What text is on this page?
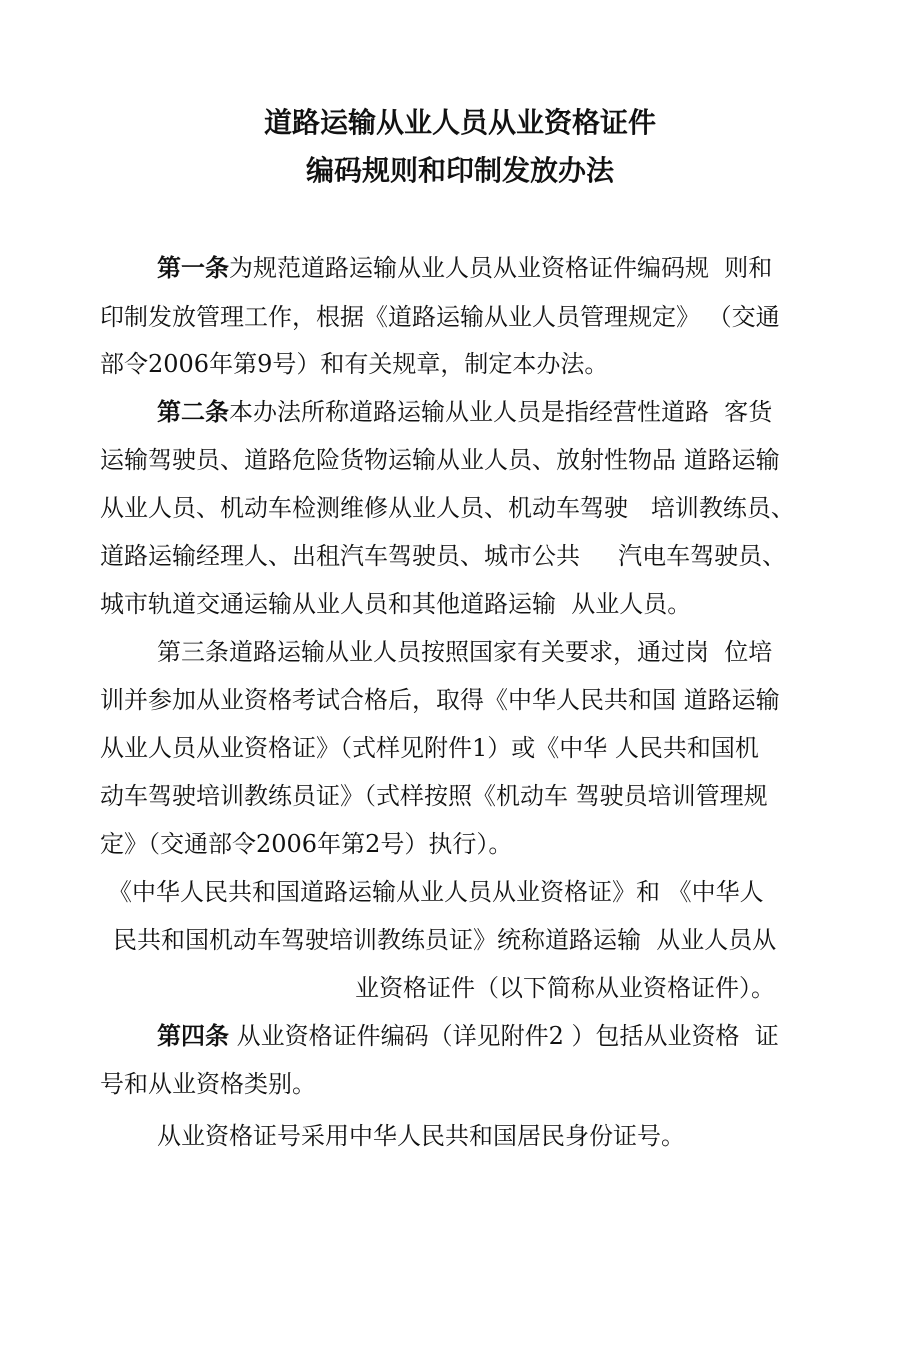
道路运输从业人员从业资格证件
编码规则和印制发放办法
第一条为规范道路运输从业人员从业资格证件编码规  则和
印制发放管理工作，根据《道路运输从业人员管理规定》 （交通
部令2006年第9号）和有关规章，制定本办法。
第二条本办法所称道路运输从业人员是指经营性道路  客货
运输驾驶员、道路危险货物运输从业人员、放射性物品 道路运输
从业人员、机动车检测维修从业人员、机动车驾驶   培训教练员、
道路运输经理人、出租汽车驾驶员、城市公共     汽电车驾驶员、
城市轨道交通运输从业人员和其他道路运输  从业人员。
第三条道路运输从业人员按照国家有关要求，通过岗  位培
训并参加从业资格考试合格后，取得《中华人民共和国 道路运输
从业人员从业资格证》（式样见附件1）或《中华 人民共和国机
动车驾驶培训教练员证》（式样按照《机动车 驾驶员培训管理规
定》（交通部令2006年第2号）执行）。
《中华人民共和国道路运输从业人员从业资格证》和 《中华人
民共和国机动车驾驶培训教练员证》统称道路运输  从业人员从
业资格证件（以下简称从业资格证件）。
第四条 从业资格证件编码（详见附件2 ）包括从业资格  证
号和从业资格类别。
从业资格证号采用中华人民共和国居民身份证号。
